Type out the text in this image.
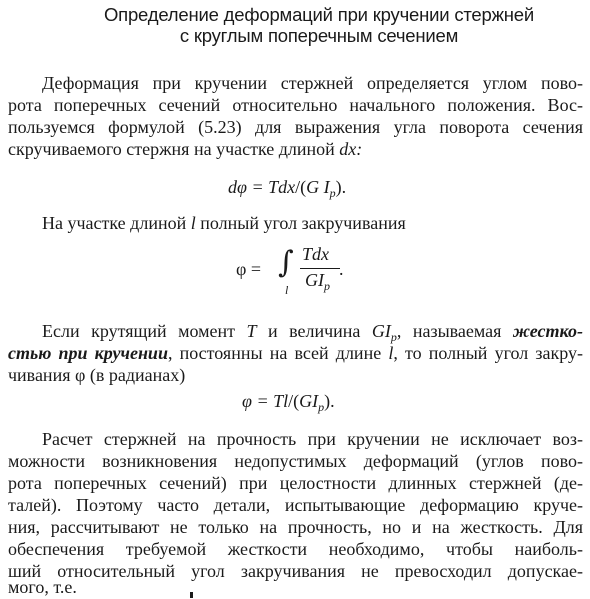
Определение деформаций при кручении стержней
с круглым поперечным сечением
Деформация при кручении стержней определяется углом пово-
рота поперечных сечений относительно начального положения. Вос-
пользуемся формулой (5.23) для выражения угла поворота сечения
скручиваемого стержня на участке длиной dx:
dφ = Tdx/(G $I_p$).
На участке длиной l полный угол закручивания
φ = ∫
l
Tdx
$GI_p$
.
Если крутящий момент T и величина $GI_p$, называемая жестко-
стью при кручении, постоянны на всей длине l, то полный угол закру-
чивания φ (в радианах)
$\varphi = Tl/(GI_p)$.
Расчет стержней на прочность при кручении не исключает воз-
можности возникновения недопустимых деформаций (углов пово-
рота поперечных сечений) при целостности длинных стержней (де-
талей). Поэтому часто детали, испытывающие деформацию круче-
ния, рассчитывают не только на прочность, но и на жесткость. Для
обеспечения требуемой жесткости необходимо, чтобы наиболь-
ший относительный угол закручивания не превосходил допускае-
мого, т.е.
